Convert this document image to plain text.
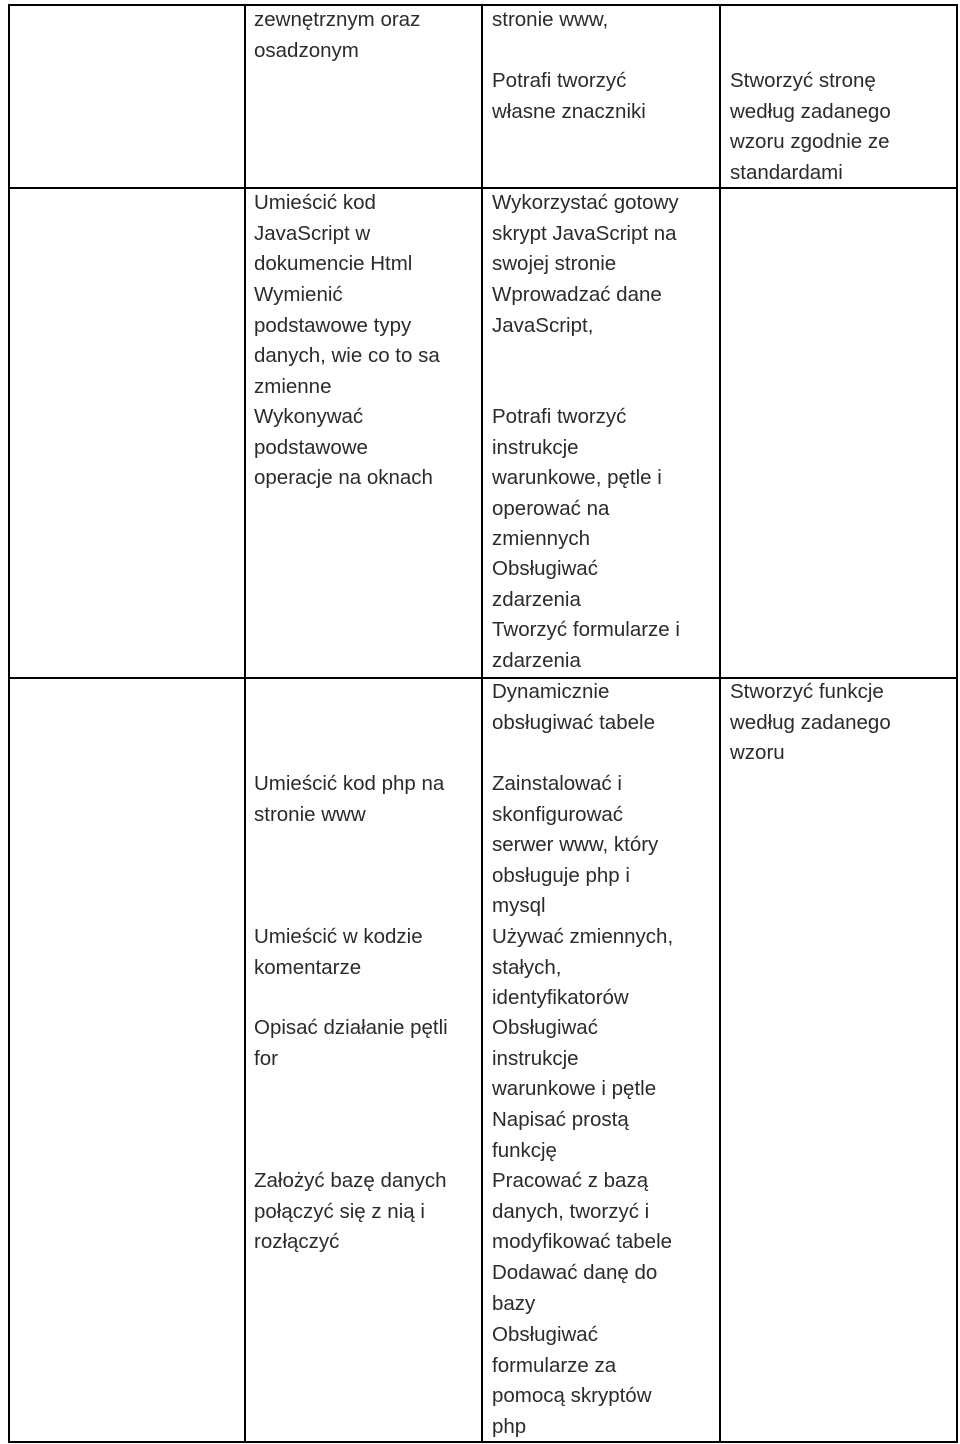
zewnętrznym oraz
osadzonym
Umieścić kod
JavaScript w
dokumencie Html
Wymienić
podstawowe typy
danych, wie co to sa
zmienne
Wykonywać
podstawowe
operacje na oknach
Umieścić kod php na
stronie www
Umieścić w kodzie
komentarze
Opisać działanie pętli
for
Założyć bazę danych
połączyć się z nią i
rozłączyć
stronie www,
Potrafi tworzyć
własne znaczniki
Wykorzystać gotowy
skrypt JavaScript na
swojej stronie
Wprowadzać dane
JavaScript,
Potrafi tworzyć
instrukcje
warunkowe, pętle i
operować na
zmiennych
Obsługiwać
zdarzenia
Tworzyć formularze i
zdarzenia
Dynamicznie
obsługiwać tabele
Zainstalować i
skonfigurować
serwer www, który
obsługuje php i
mysql
Używać zmiennych,
stałych,
identyfikatorów
Obsługiwać
instrukcje
warunkowe i pętle
Napisać prostą
funkcję
Pracować z bazą
danych, tworzyć i
modyfikować tabele
Dodawać danę do
bazy
Obsługiwać
formularze za
pomocą skryptów
php
Stworzyć stronę
według zadanego
wzoru zgodnie ze
standardami
Stworzyć funkcje
według zadanego
wzoru
